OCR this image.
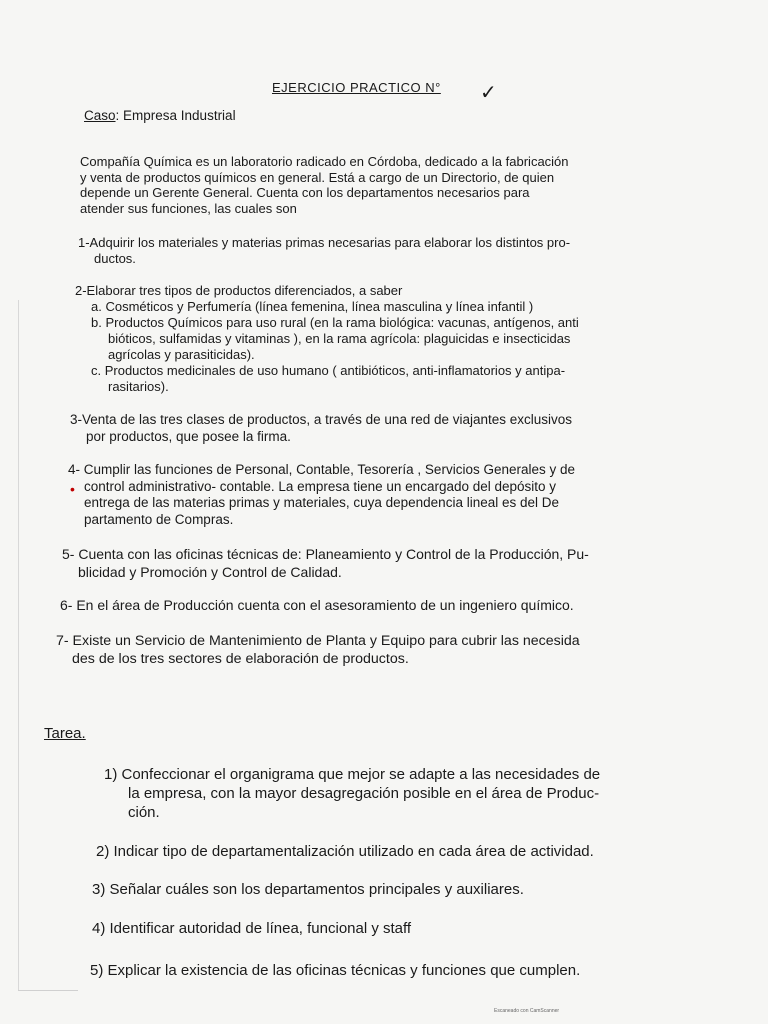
EJERCICIO PRACTICO N° ✓
Caso: Empresa Industrial
Compañía Química es un laboratorio radicado en Córdoba, dedicado a la fabricación
y venta de productos químicos en general. Está a cargo de un Directorio, de quien
depende un Gerente General. Cuenta con los departamentos necesarios para
atender sus funciones, las cuales son
1-Adquirir los materiales y materias primas necesarias para elaborar los distintos pro-
ductos.
2-Elaborar tres tipos de productos diferenciados, a saber
a. Cosméticos y Perfumería (línea femenina, línea masculina y línea infantil )
b. Productos Químicos para uso rural (en la rama biológica: vacunas, antígenos, anti
bióticos, sulfamidas y vitaminas ), en la rama agrícola: plaguicidas e insecticidas
agrícolas y parasiticidas).
c. Productos medicinales de uso humano ( antibióticos, anti-inflamatorios y antipa-
rasitarios).
3-Venta de las tres clases de productos, a través de una red de viajantes exclusivos
por productos, que posee la firma.
4- Cumplir las funciones de Personal, Contable, Tesorería , Servicios Generales y de
control administrativo- contable. La empresa tiene un encargado del depósito y
entrega de las materias primas y materiales, cuya dependencia lineal es del De
partamento de Compras.
•
5- Cuenta con las oficinas técnicas de: Planeamiento y Control de la Producción, Pu-
blicidad y Promoción y Control de Calidad.
6- En el área de Producción cuenta con el asesoramiento de un ingeniero químico.
7- Existe un Servicio de Mantenimiento de Planta y Equipo para cubrir las necesida
des de los tres sectores de elaboración de productos.
Tarea.
1) Confeccionar el organigrama que mejor se adapte a las necesidades de
la empresa, con la mayor desagregación posible en el área de Produc-
ción.
2) Indicar tipo de departamentalización utilizado en cada área de actividad.
3) Señalar cuáles son los departamentos principales y auxiliares.
4) Identificar autoridad de línea, funcional y staff
5) Explicar la existencia de las oficinas técnicas y funciones que cumplen.
Escaneado con CamScanner
